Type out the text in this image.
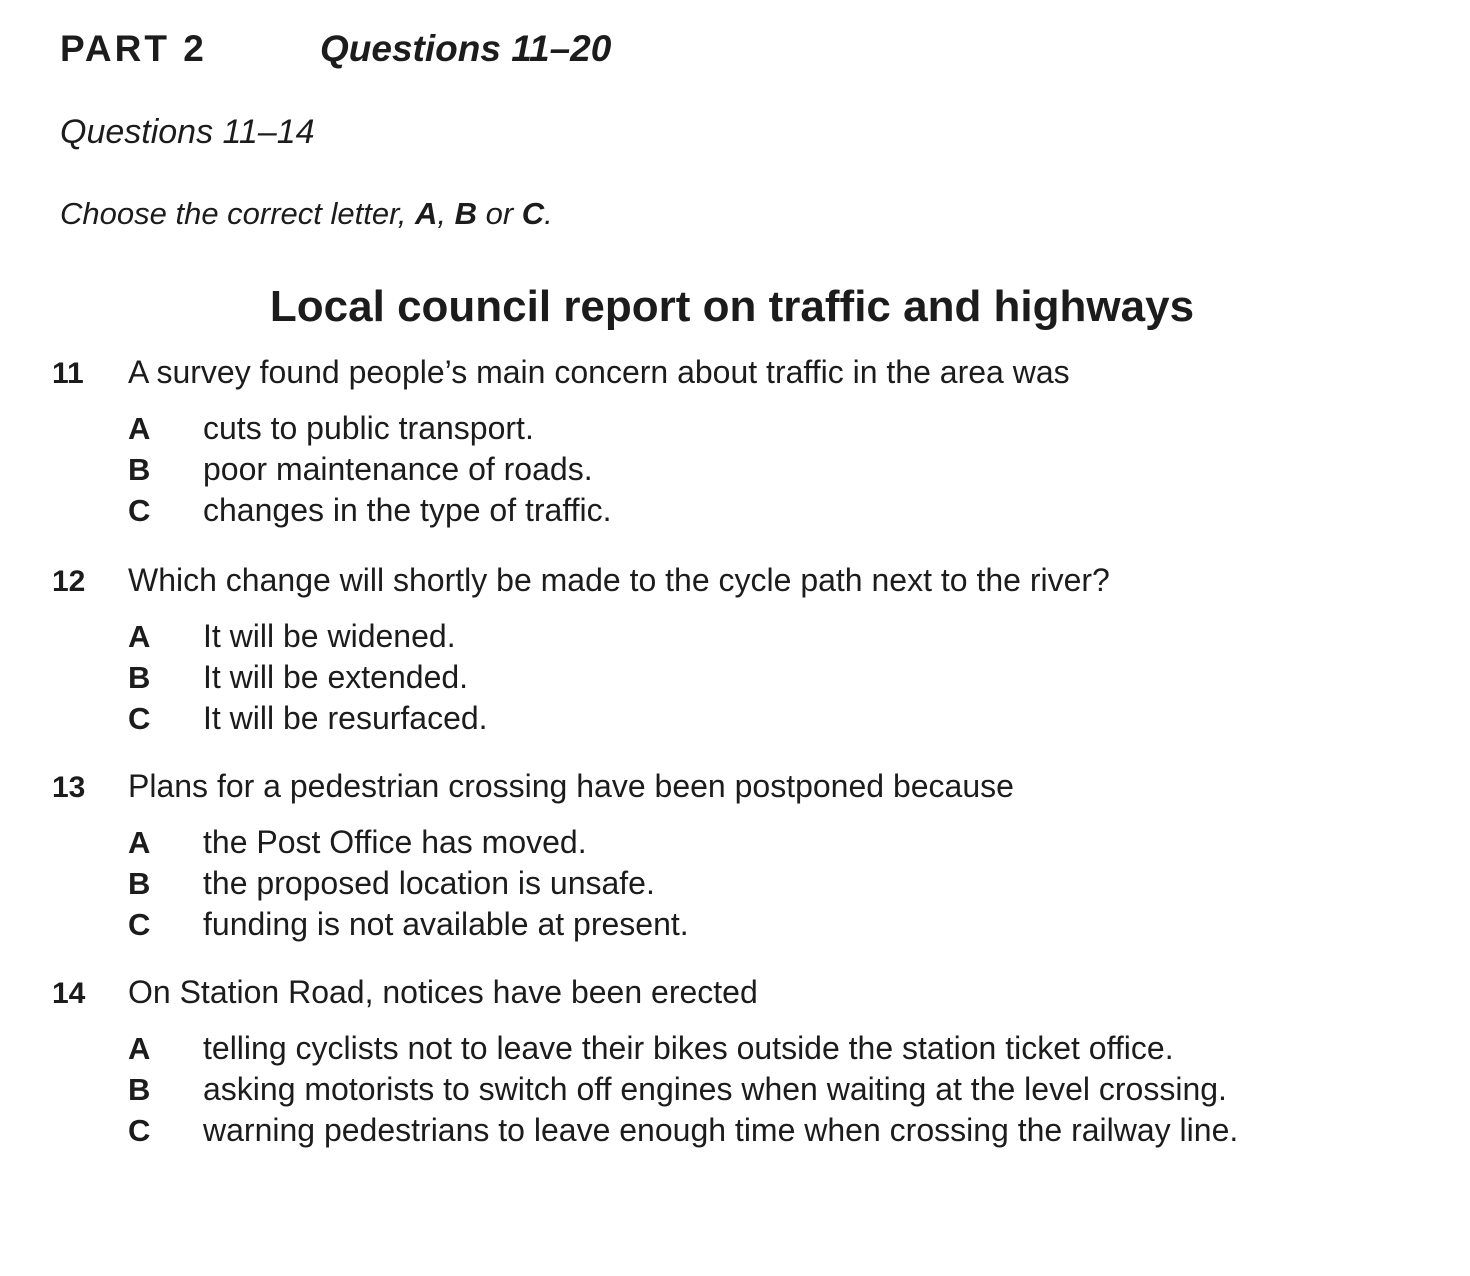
PART 2	Questions 11–20
Questions 11–14
Choose the correct letter, A, B or C.
Local council report on traffic and highways
11	A survey found people’s main concern about traffic in the area was
A	cuts to public transport.
B	poor maintenance of roads.
C	changes in the type of traffic.
12	Which change will shortly be made to the cycle path next to the river?
A	It will be widened.
B	It will be extended.
C	It will be resurfaced.
13	Plans for a pedestrian crossing have been postponed because
A	the Post Office has moved.
B	the proposed location is unsafe.
C	funding is not available at present.
14	On Station Road, notices have been erected
A	telling cyclists not to leave their bikes outside the station ticket office.
B	asking motorists to switch off engines when waiting at the level crossing.
C	warning pedestrians to leave enough time when crossing the railway line.
